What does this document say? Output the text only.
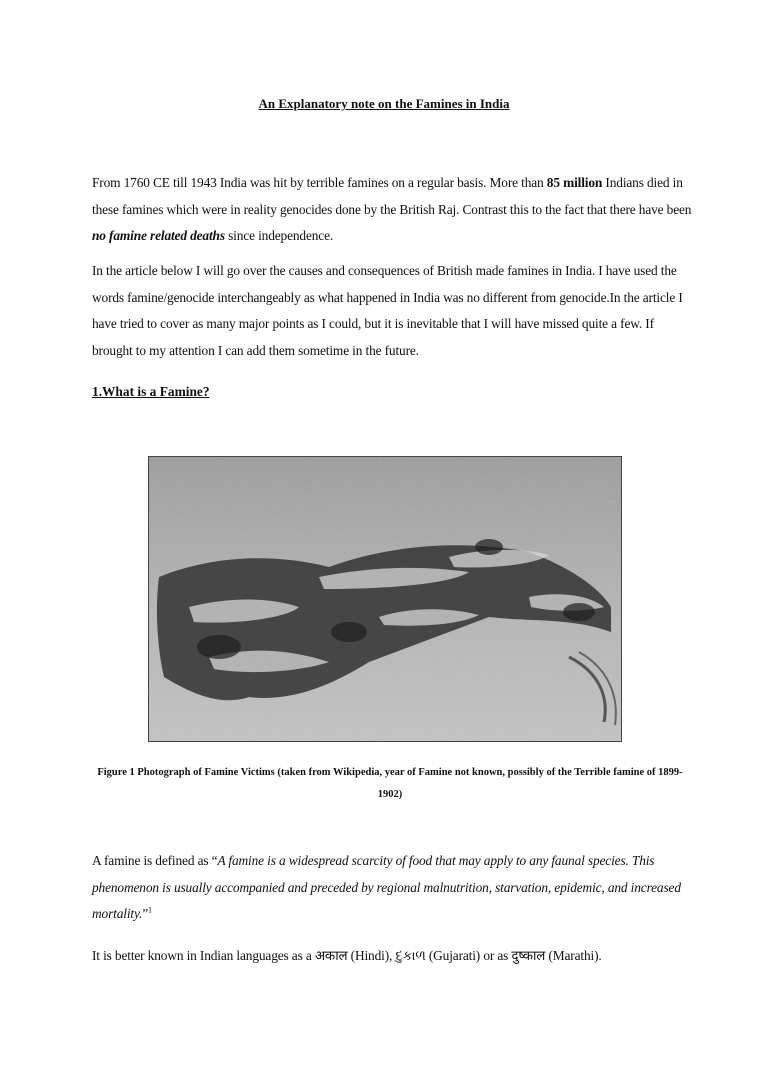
An Explanatory note on the Famines in India
From 1760 CE till 1943 India was hit by terrible famines on a regular basis. More than 85 million Indians died in these famines which were in reality genocides done by the British Raj. Contrast this to the fact that there have been no famine related deaths since independence.
In the article below I will go over the causes and consequences of British made famines in India. I have used the words famine/genocide interchangeably as what happened in India was no different from genocide.In the article I have tried to cover as many major points as I could, but it is inevitable that I will have missed quite a few. If brought to my attention I can add them sometime in the future.
1.What is a Famine?
Figure 1 Photograph of Famine Victims (taken from Wikipedia, year of Famine not known, possibly of the Terrible famine of 1899-1902)
A famine is defined as “A famine is a widespread scarcity of food that may apply to any faunal species. This phenomenon is usually accompanied and preceded by regional malnutrition, starvation, epidemic, and increased mortality.”$^1$
It is better known in Indian languages as a अकाल (Hindi), દુકાળ (Gujarati) or as दुष्काल (Marathi).
